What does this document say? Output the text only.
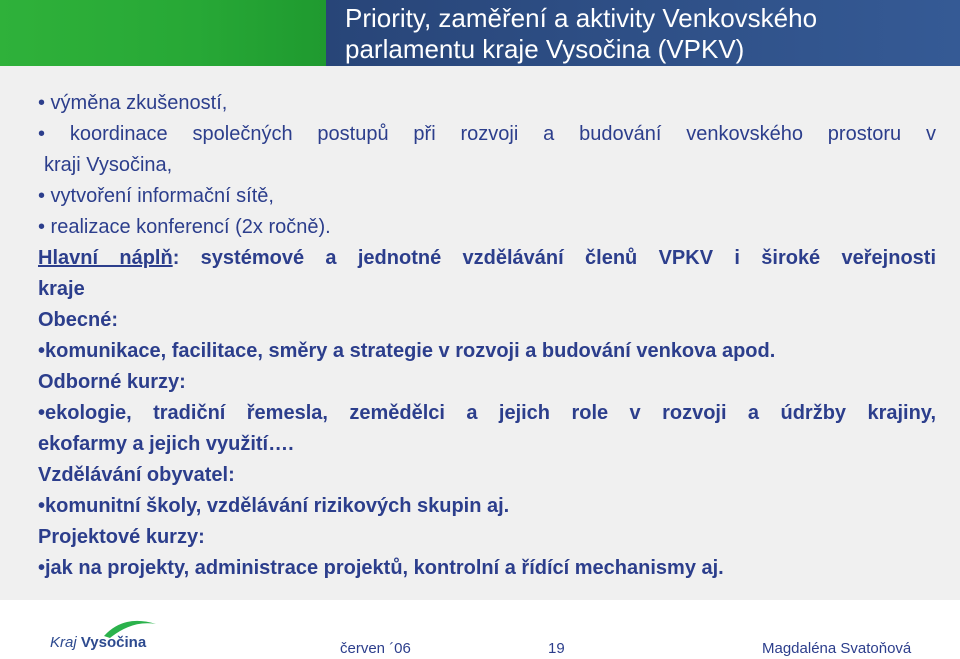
Priority, zaměření a aktivity Venkovského
parlamentu kraje Vysočina (VPKV)

• výměna zkušeností,

• koordinace společných postupů při rozvoji a budování venkovského prostoru v

kraji Vysočina,

• vytvoření informační sítě,

• realizace konferencí (2x ročně).

Hlavní náplň: systémové a jednotné vzdělávání členů VPKV i široké veřejnosti

kraje

Obecné:

•komunikace, facilitace, směry a strategie v rozvoji a budování venkova apod.

Odborné kurzy:

•ekologie, tradiční řemesla, zemědělci a jejich role v rozvoji a údržby krajiny,

ekofarmy a jejich využití….

Vzdělávání obyvatel:

•komunitní školy, vzdělávání rizikových skupin aj.

Projektové kurzy:

•jak na projekty, administrace projektů, kontrolní a řídící mechanismy aj.

Kraj Vysočina	červen ´06	19	Magdaléna Svatoňová
